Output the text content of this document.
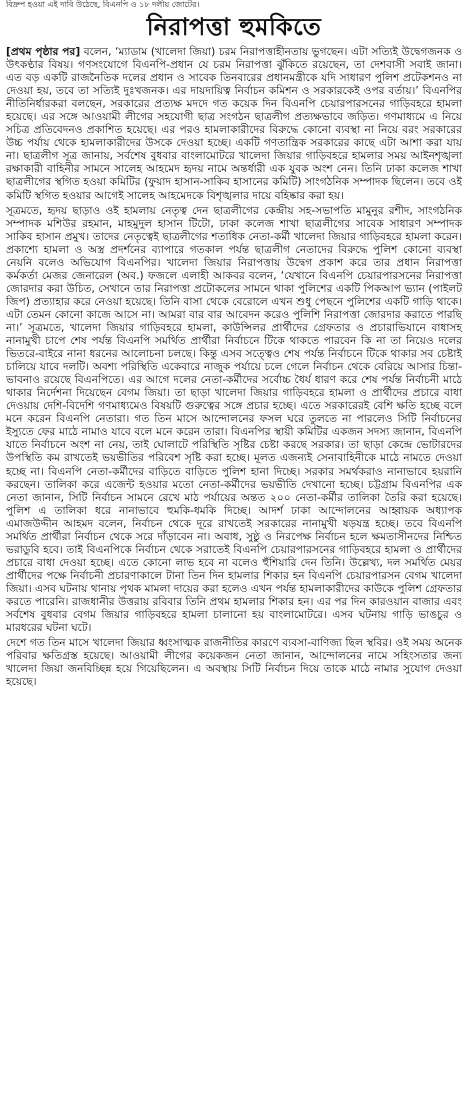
বিদ্রুপ হওয়া এই দাবি উঠেছে, বিএনপি ও ১৮ দলীয় জোটের।
নিরাপত্তা হুমকিতে

[প্রথম পৃষ্ঠার পর] বলেন, ‘ম্যাডাম (খালেদা জিয়া) চরম নিরাপত্তাহীনতায় ভুগছেন। এটা সত্যিই উদ্বেগজনক ও উৎকণ্ঠার বিষয়। গণসংযোগে বিএনপি-প্রধান যে চরম নিরাপত্তা ঝুঁকিতে রয়েছেন, তা দেশবাসী সবাই জানা। এত বড় একটি রাজনৈতিক দলের প্রধান ও সাবেক তিনবারের প্রধানমন্ত্রীকে যদি সাধারণ পুলিশ প্রটেকশনও না দেওয়া হয়, তবে তা সত্যিই দুঃখজনক। এর দায়দায়িত্ব নির্বাচন কমিশন ও সরকারকেই ওপর বর্তায়।’ বিএনপির নীতিনির্ধারকরা বলছেন, সরকারের প্রত্যক্ষ মদদে গত কয়েক দিন বিএনপি চেয়ারপারসনের গাড়িবহরে হামলা হয়েছে। এর সঙ্গে আওয়ামী লীগের সহযোগী ছাত্র সংগঠন ছাত্রলীগ প্রত্যক্ষভাবে জড়িত। গণমাধ্যমে এ নিয়ে সচিত্র প্রতিবেদনও প্রকাশিত হয়েছে। এর পরও হামলাকারীদের বিরুদ্ধে কোনো ব্যবস্থা না নিয়ে বরং সরকারের উচ্চ পর্যায় থেকে হামলাকারীদের উসকে দেওয়া হচ্ছে। একটি গণতান্ত্রিক সরকারের কাছে এটা আশা করা যায় না। ছাত্রলীগ সূত্র জানায়, সর্বশেষ বুধবার বাংলামোটরে খালেদা জিয়ার গাড়িবহরে হামলার সময় আইনশৃঙ্খলা রক্ষাকারী বাহিনীর সামনে সালেহ আহমেদ হৃদয় নামে অন্তর্ধারী এক যুবক অংশ নেন। তিনি ঢাকা কলেজ শাখা ছাত্রলীগের স্থগিত হওয়া কমিটির (ফুয়াদ হাসান-সাকিব হাসানের কমিটি) সাংগঠনিক সম্পাদক ছিলেন। তবে ওই কমিটি স্থগিত হওয়ার আগেই সালেহ আহমেদকে বিশৃঙ্খলার দায়ে বহিষ্কার করা হয়।

সূত্রমতে, হৃদয় ছাড়াও ওই হামলায় নেতৃত্ব দেন ছাত্রলীগের কেন্দ্রীয় সহ-সভাপতি মামুনুর রশীদ, সাংগঠনিক সম্পাদক মশিউর রহমান, মাহমুদুল হাসান টিটো, ঢাকা কলেজ শাখা ছাত্রলীগের সাবেক সাধারণ সম্পাদক সাকিব হাসান প্রমুখ। তাদের নেতৃত্বেই ছাত্রলীগের শতাধিক নেতা-কর্মী খালেদা জিয়ার গাড়িবহরে হামলা করেন। প্রকাশ্যে হামলা ও অস্ত্র প্রদর্শনের ব্যাপারে গতকাল পর্যন্ত ছাত্রলীগ নেতাদের বিরুদ্ধে পুলিশ কোনো ব্যবস্থা নেয়নি বলেও অভিযোগ বিএনপির। খালেদা জিয়ার নিরাপত্তায় উদ্বেগ প্রকাশ করে তার প্রধান নিরাপত্তা কর্মকর্তা মেজর জেনারেল (অব.) ফজলে এলাহী আকবর বলেন, ‘যেখানে বিএনপি চেয়ারপারসনের নিরাপত্তা জোরদার করা উচিত, সেখানে তার নিরাপত্তা প্রটোকলের সামনে থাকা পুলিশের একটি পিকআপ ভ্যান (পাইলট জিপ) প্রত্যাহার করে নেওয়া হয়েছে। তিনি বাসা থেকে বেরোলে এখন শুধু পেছনে পুলিশের একটি গাড়ি থাকে। এটা তেমন কোনো কাজে আসে না। আমরা বার বার আবেদন করেও পুলিশি নিরাপত্তা জোরদার করাতে পারছি না।’ সূত্রমতে, খালেদা জিয়ার গাড়িবহরে হামলা, কাউন্সিলর প্রার্থীদের গ্রেফতার ও প্রচারাভিযানে বাধাসহ নানামুখী চাপে শেষ পর্যন্ত বিএনপি সমর্থিত প্রার্থীরা নির্বাচনে টিকে থাকতে পারবেন কি না তা নিয়েও দলের ভিতরে-বাইরে নানা ধরনের আলোচনা চলছে। কিন্তু এসব সত্ত্বেও শেষ পর্যন্ত নির্বাচনে টিকে থাকার সব চেষ্টাই চালিয়ে যাবে দলটি। অবশ্য পরিস্থিতি একেবারে নাজুক পর্যায়ে চলে গেলে নির্বাচন থেকে বেরিয়ে আসার চিন্তা-ভাবনাও রয়েছে বিএনপিতে। এর আগে দলের নেতা-কর্মীদের সর্বোচ্চ ধৈর্য ধারণ করে শেষ পর্যন্ত নির্বাচনী মাঠে থাকার নির্দেশনা দিয়েছেন বেগম জিয়া। তা ছাড়া খালেদা জিয়ার গাড়িবহরে হামলা ও প্রার্থীদের প্রচারে বাধা দেওয়ায় দেশি-বিদেশি গণমাধ্যমেও বিষয়টি গুরুত্বের সঙ্গে প্রচার হচ্ছে। এতে সরকারেরই বেশি ক্ষতি হচ্ছে বলে মনে করেন বিএনপি নেতারা। গত তিন মাসে আন্দোলনের ফসল ঘরে তুলতে না পারলেও সিটি নির্বাচনের ইস্যুতে ফের মাঠে নামাও যাবে বলে মনে করেন তারা। বিএনপির স্থায়ী কমিটির একজন সদস্য জানান, বিএনপি যাতে নির্বাচনে অংশ না নেয়, তাই ঘোলাটে পরিস্থিতি সৃষ্টির চেষ্টা করছে সরকার। তা ছাড়া কেন্দ্রে ভোটারদের উপস্থিতি কম রাখতেই ভয়ভীতির পরিবেশ সৃষ্টি করা হচ্ছে। মূলত এজন্যই সেনাবাহিনীকে মাঠে নামতে দেওয়া হচ্ছে না। বিএনপি নেতা-কর্মীদের বাড়িতে বাড়িতে পুলিশ হানা দিচ্ছে। সরকার সমর্থকরাও নানাভাবে হয়রানি করছেন। তালিকা করে এজেন্ট হওয়ার মতো নেতা-কর্মীদের ভয়ভীতি দেখানো হচ্ছে। চট্টগ্রাম বিএনপির এক নেতা জানান, সিটি নির্বাচন সামনে রেখে মাঠ পর্যায়ের অন্তত ২০০ নেতা-কর্মীর তালিকা তৈরি করা হয়েছে। পুলিশ এ তালিকা ধরে নানাভাবে হুমকি-ধমকি দিচ্ছে। আদর্শ ঢাকা আন্দোলনের আহ্বায়ক অধ্যাপক এমাজউদ্দীন আহমদ বলেন, নির্বাচন থেকে দূরে রাখতেই সরকারের নানামুখী ষড়যন্ত্র হচ্ছে। তবে বিএনপি সমর্থিত প্রার্থীরা নির্বাচন থেকে সরে দাঁড়াবেন না। অবাধ, সুষ্ঠু ও নিরপেক্ষ নির্বাচন হলে ক্ষমতাসীনদের নিশ্চিত ভরাডুবি হবে। তাই বিএনপিকে নির্বাচন থেকে সরাতেই বিএনপি চেয়ারপারসনের গাড়িবহরে হামলা ও প্রার্থীদের প্রচারে বাধা দেওয়া হচ্ছে। এতে কোনো লাভ হবে না বলেও হুঁশিয়ারি দেন তিনি। উল্লেখ্য, দল সমর্থিত মেয়র প্রার্থীদের পক্ষে নির্বাচনী প্রচারণাকালে টানা তিন দিন হামলার শিকার হন বিএনপি চেয়ারপারসন বেগম খালেদা জিয়া। এসব ঘটনায় থানায় পৃথক মামলা দায়ের করা হলেও এখন পর্যন্ত হামলাকারীদের কাউকে পুলিশ গ্রেফতার করতে পারেনি। রাজধানীর উত্তরায় রবিবার তিনি প্রথম হামলার শিকার হন। এর পর দিন কারওয়ান বাজার এবং সর্বশেষ বুধবার বেগম জিয়ার গাড়িবহরে হামলা চালানো হয় বাংলামোটরে। এসব ঘটনায় গাড়ি ভাঙচুর ও মারধরের ঘটনা ঘটে।

দেশে গত তিন মাসে খালেদা জিয়ার ধ্বংসাত্মক রাজনীতির কারণে ব্যবসা-বাণিজ্য ছিল স্থবির। ওই সময় অনেক পরিবার ক্ষতিগ্রস্ত হয়েছে। আওয়ামী লীগের কয়েকজন নেতা জানান, আন্দোলনের নামে সহিংসতার জন্য খালেদা জিয়া জনবিচ্ছিন্ন হয়ে গিয়েছিলেন। এ অবস্থায় সিটি নির্বাচন দিয়ে তাকে মাঠে নামার সুযোগ দেওয়া হয়েছে।
